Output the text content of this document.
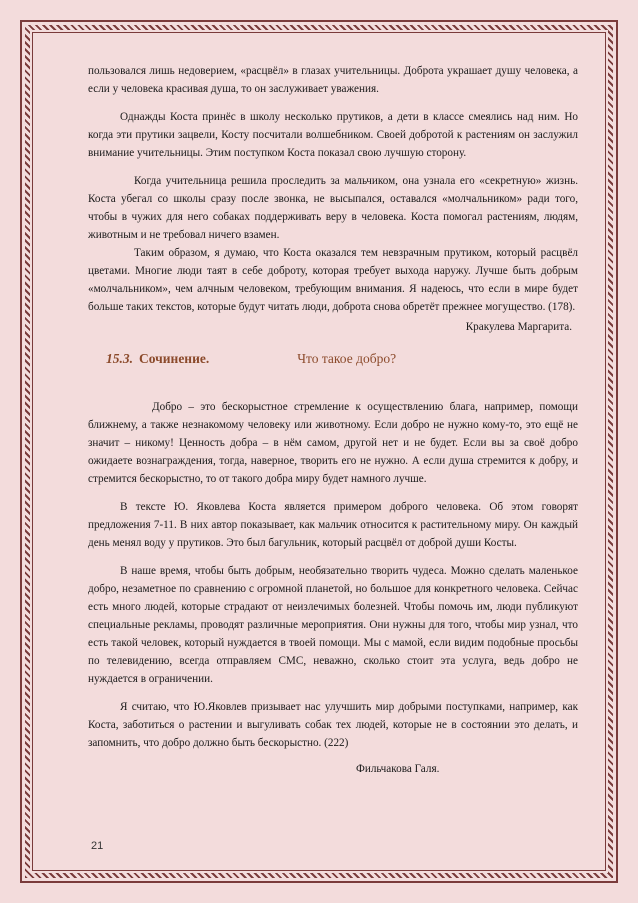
пользовался лишь недоверием, «расцвёл» в глазах учительницы. Доброта украшает душу человека, а если у человека красивая душа, то он заслуживает уважения.

Однажды Коста принёс в школу несколько прутиков, а дети в классе смеялись над ним. Но когда эти прутики зацвели, Косту посчитали волшебником. Своей добротой к растениям он заслужил внимание учительницы. Этим поступком Коста показал свою лучшую сторону.

Когда учительница решила проследить за мальчиком, она узнала его «секретную» жизнь. Коста убегал со школы сразу после звонка, не высыпался, оставался «молчальником» ради того, чтобы в чужих для него собаках поддерживать веру в человека. Коста помогал растениям, людям, животным и не требовал ничего взамен.

Таким образом, я думаю, что Коста оказался тем невзрачным прутиком, который расцвёл цветами. Многие люди таят в себе доброту, которая требует выхода наружу. Лучше быть добрым «молчальником», чем алчным человеком, требующим внимания. Я надеюсь, что если в мире будет больше таких текстов, которые будут читать люди, доброта снова обретёт прежнее могущество. (178).

Кракулева Маргарита.

15.3. Сочинение.	Что такое добро?

Добро – это бескорыстное стремление к осуществлению блага, например, помощи ближнему, а также незнакомому человеку или животному. Если добро не нужно кому-то, это ещё не значит – никому! Ценность добра – в нём самом, другой нет и не будет. Если вы за своё добро ожидаете вознаграждения, тогда, наверное, творить его не нужно. А если душа стремится к добру, и стремится бескорыстно, то от такого добра миру будет намного лучше.

В тексте Ю. Яковлева Коста является примером доброго человека. Об этом говорят предложения 7-11. В них автор показывает, как мальчик относится к растительному миру. Он каждый день менял воду у прутиков. Это был багульник, который расцвёл от доброй души Косты.

В наше время, чтобы быть добрым, необязательно творить чудеса. Можно сделать маленькое добро, незаметное по сравнению с огромной планетой, но большое для конкретного человека. Сейчас есть много людей, которые страдают от неизлечимых болезней. Чтобы помочь им, люди публикуют специальные рекламы, проводят различные мероприятия. Они нужны для того, чтобы мир узнал, что есть такой человек, который нуждается в твоей помощи. Мы с мамой, если видим подобные просьбы по телевидению, всегда отправляем СМС, неважно, сколько стоит эта услуга, ведь добро не нуждается в ограничении.

Я считаю, что Ю.Яковлев призывает нас улучшить мир добрыми поступками, например, как Коста, заботиться о растении и выгуливать собак тех людей, которые не в состоянии это делать, и запомнить, что добро должно быть бескорыстно. (222)

Фильчакова Галя.

21
